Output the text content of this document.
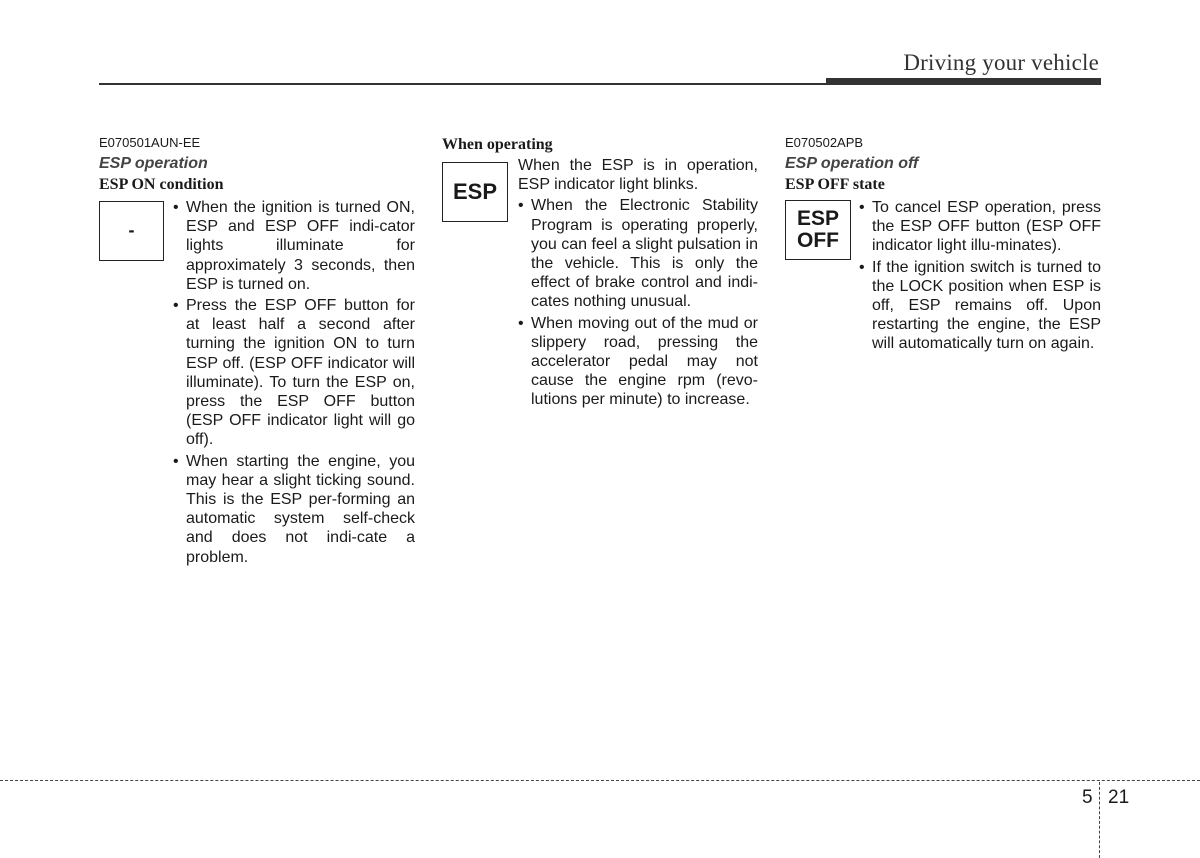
Driving your vehicle
E070501AUN-EE
ESP operation
ESP ON condition
-
• When the ignition is turned ON, ESP and ESP OFF indi-cator lights illuminate for approximately 3 seconds, then ESP is turned on.
• Press the ESP OFF button for at least half a second after turning the ignition ON to turn ESP off. (ESP OFF indicator will illuminate). To turn the ESP on, press the ESP OFF button (ESP OFF indicator light will go off).
• When starting the engine, you may hear a slight ticking sound. This is the ESP per-forming an automatic system self-check and does not indi-cate a problem.
When operating
ESP

When the ESP is in operation, ESP indicator light blinks.

• When the Electronic Stability Program is operating properly, you can feel a slight pulsation in the vehicle. This is only the effect of brake control and indi-cates nothing unusual.
• When moving out of the mud or slippery road, pressing the accelerator pedal may not cause the engine rpm (revo-lutions per minute) to increase.
E070502APB
ESP operation off
ESP OFF state
ESP
OFF
• To cancel ESP operation, press the ESP OFF button (ESP OFF indicator light illu-minates).
• If the ignition switch is turned to the LOCK position when ESP is off, ESP remains off. Upon restarting the engine, the ESP will automatically turn on again.
5 21
